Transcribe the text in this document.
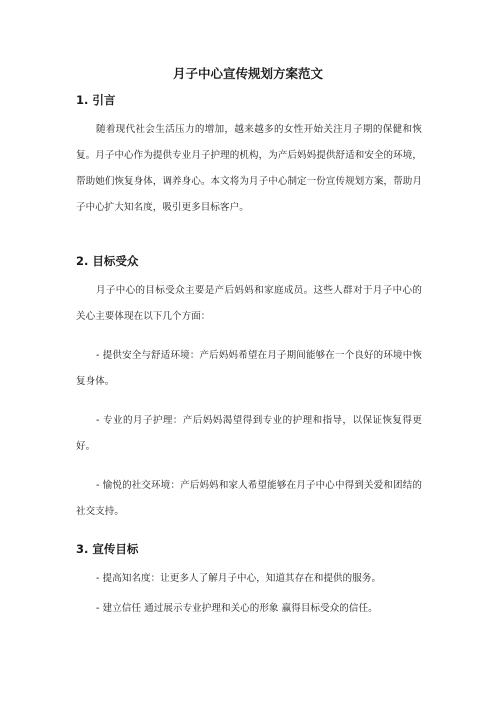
月子中心宣传规划方案范文
1. 引言

随着现代社会生活压力的增加，越来越多的女性开始关注月子期的保健和恢复。月子中心作为提供专业月子护理的机构，为产后妈妈提供舒适和安全的环境，帮助她们恢复身体，调养身心。本文将为月子中心制定一份宣传规划方案，帮助月子中心扩大知名度，吸引更多目标客户。

2. 目标受众

月子中心的目标受众主要是产后妈妈和家庭成员。这些人群对于月子中心的关心主要体现在以下几个方面：

- 提供安全与舒适环境：产后妈妈希望在月子期间能够在一个良好的环境中恢复身体。

- 专业的月子护理：产后妈妈渴望得到专业的护理和指导，以保证恢复得更好。

- 愉悦的社交环境：产后妈妈和家人希望能够在月子中心中得到关爱和团结的社交支持。

3. 宣传目标

- 提高知名度：让更多人了解月子中心，知道其存在和提供的服务。

- 建立信任 通过展示专业护理和关心的形象 赢得目标受众的信任。
